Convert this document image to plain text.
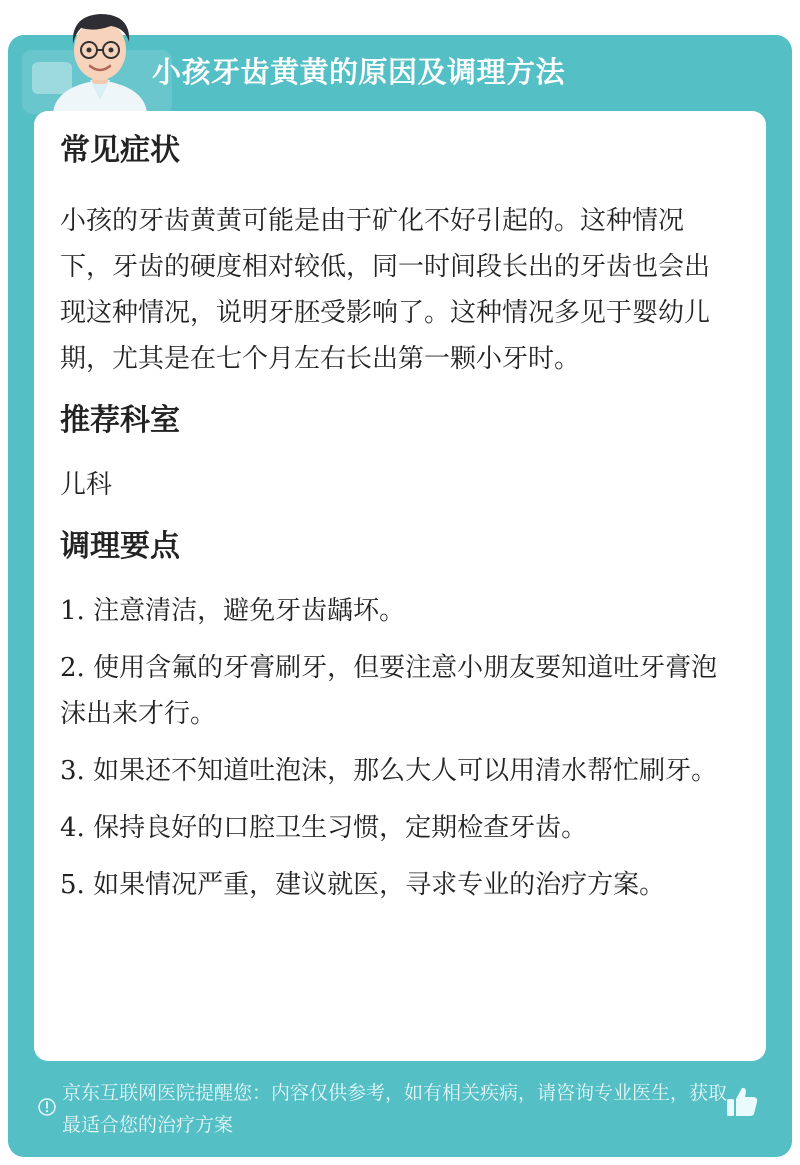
小孩牙齿黄黄的原因及调理方法
常见症状

小孩的牙齿黄黄可能是由于矿化不好引起的。这种情况下，牙齿的硬度相对较低，同一时间段长出的牙齿也会出现这种情况，说明牙胚受影响了。这种情况多见于婴幼儿期，尤其是在七个月左右长出第一颗小牙时。

推荐科室

儿科

调理要点

1. 注意清洁，避免牙齿龋坏。

2. 使用含氟的牙膏刷牙，但要注意小朋友要知道吐牙膏泡沫出来才行。

3. 如果还不知道吐泡沫，那么大人可以用清水帮忙刷牙。

4. 保持良好的口腔卫生习惯，定期检查牙齿。

5. 如果情况严重，建议就医，寻求专业的治疗方案。

京东互联网医院提醒您：内容仅供参考，如有相关疾病，请咨询专业医生，获取最适合您的治疗方案
